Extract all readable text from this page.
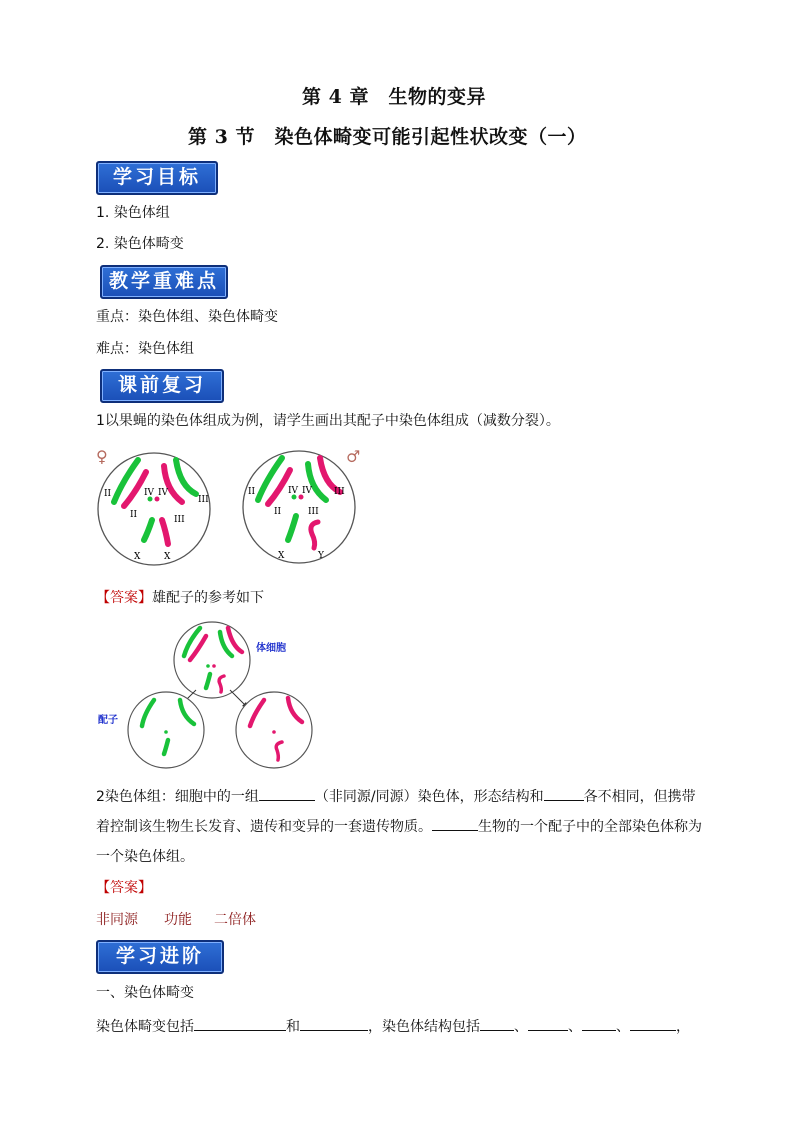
第 4 章　生物的变异
第 3 节　染色体畸变可能引起性状改变（一）
学习目标
1. 染色体组
2. 染色体畸变
教学重难点
重点：染色体组、染色体畸变
难点：染色体组
课前复习
1以果蝇的染色体组成为例，请学生画出其配子中染色体组成（减数分裂）。
♀
II
II
IV IV
III
III
X	X
♂
II
II
IV IV III
III
X	Y
【答案】雄配子的参考如下
体细胞
配子
2染色体组：细胞中的一组	（非同源/同源）染色体，形态结构和	各不相同，但携带着控制该生物生长发育、遗传和变异的一套遗传物质。	生物的一个配子中的全部染色体称为一个染色体组。
【答案】
非同源 功能 二倍体
学习进阶
一、染色体畸变
染色体畸变包括	和	，染色体结构包括 、	、 、	，
